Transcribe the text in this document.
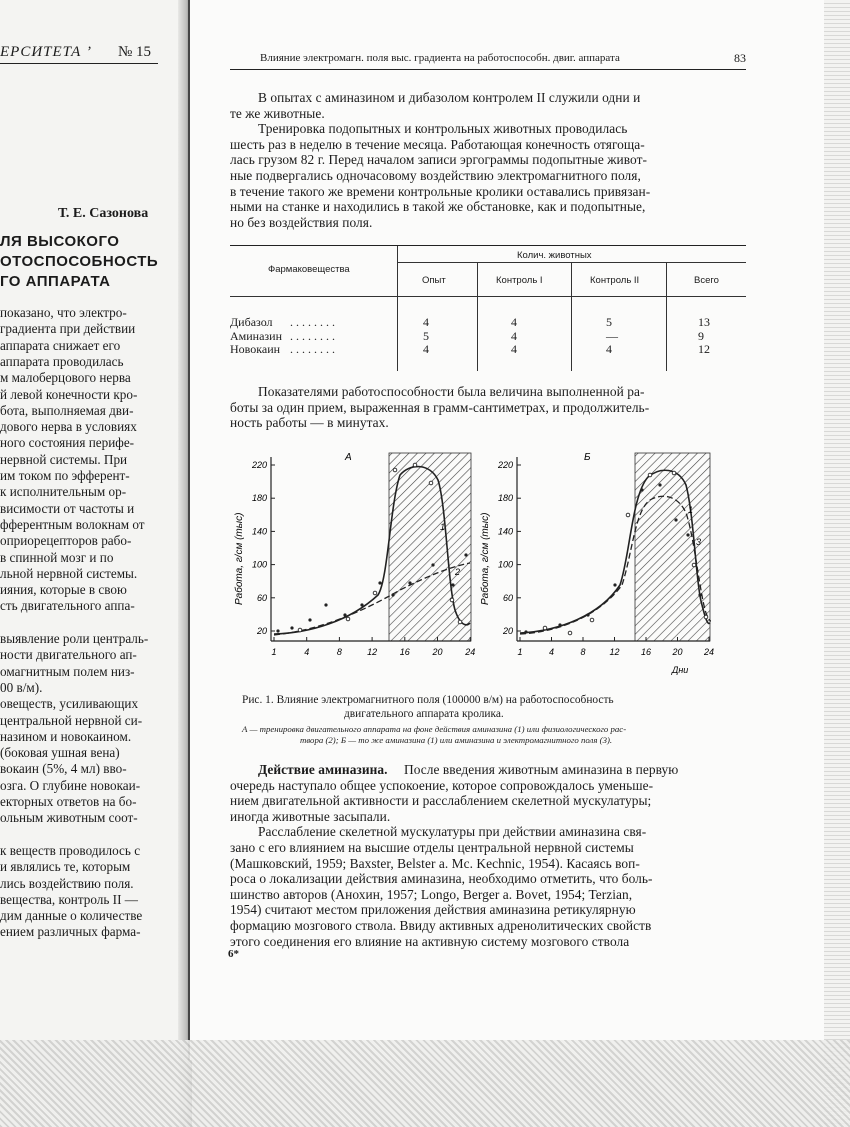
ЕРСИТЕТА ’ № 15
Т. Е. Сазонова
ЛЯ ВЫСОКОГО
ОТОСПОСОБНОСТЬ
ГО АППАРАТА
показано, что электро-
градиента при действии
аппарата снижает его
аппарата проводилась
м малоберцового нерва
й левой конечности кро-
бота, выполняемая дви-
дового нерва в условиях
ного состояния перифе-
нервной системы. При
им током по эфферент-
к исполнительным ор-
висимости от частоты и
фферентным волокнам от
оприорецепторов рабо-
в спинной мозг и по
льной нервной системы.
ияния, которые в свою
сть двигательного аппа-
выявление роли централь-
ности двигательного ап-
омагнитным полем низ-
00 в/м).
овеществ, усиливающих
центральной нервной си-
назином и новокаином.
(боковая ушная вена)
вокаин (5%, 4 мл) вво-
озга. О глубине новокаи-
екторных ответов на бо-
ольным животным соот-
к веществ проводилось с
и являлись те, которым
лись воздействию поля.
вещества, контроль II —
дим данные о количестве
ением различных фарма-
Влияние электромагн. поля выс. градиента на работоспособн. двиг. аппарата	83
В опытах с аминазином и дибазолом контролем II служили одни и
те же животные.
Тренировка подопытных и контрольных животных проводилась
шесть раз в неделю в течение месяца. Работающая конечность отягоща-
лась грузом 82 г. Перед началом записи эргограммы подопытные живот-
ные подвергались одночасовому воздействию электромагнитного поля,
в течение такого же времени контрольные кролики оставались привязан-
ными на станке и находились в такой же обстановке, как и подопытные,
но без воздействия поля.
Фармаковещества
Колич. животных
Опыт	Контроль I	Контроль II	Всего
Дибазол . . . . . . . .	4	4	5	13
Аминазин . . . . . . . .	5	4	—	9
Новокаин . . . . . . . .	4	4	4	12
Показателями работоспособности была величина выполненной ра-
боты за один прием, выраженная в грамм-сантиметрах, и продолжитель-
ность работы — в минутах.
20
60
100
140
180
220
1	4	8	12	16	20	24
А
Работа, г/см (тыс)	1
2
20
60
100
140
180
220
1	4	8	12 16 20 24
Б
Работа, г/см (тыс)
1
3
Дни
Рис. 1. Влияние электромагнитного поля (100000 в/м) на работоспособность
двигательного аппарата кролика.
А — тренировка двигательного аппарата на фоне действия аминазина (1) или физиологического рас-
твора (2); Б — то же аминазина (1) или аминазина и электромагнитного поля (3).
Действие аминазина. После введения животным аминазина в первую
очередь наступало общее успокоение, которое сопровождалось уменьше-
нием двигательной активности и расслаблением скелетной мускулатуры;
иногда животные засыпали.
Расслабление скелетной мускулатуры при действии аминазина свя-
зано с его влиянием на высшие отделы центральной нервной системы
(Машковский, 1959; Baxster, Belster a. Mc. Kechnic, 1954). Касаясь воп-
роса о локализации действия аминазина, необходимо отметить, что боль-
шинство авторов (Анохин, 1957; Longo, Berger a. Bovet, 1954; Terzian,
1954) считают местом приложения действия аминазина ретикулярную
формацию мозгового ствола. Ввиду активных адренолитических свойств
этого соединения его влияние на активную систему мозгового ствола
6*
